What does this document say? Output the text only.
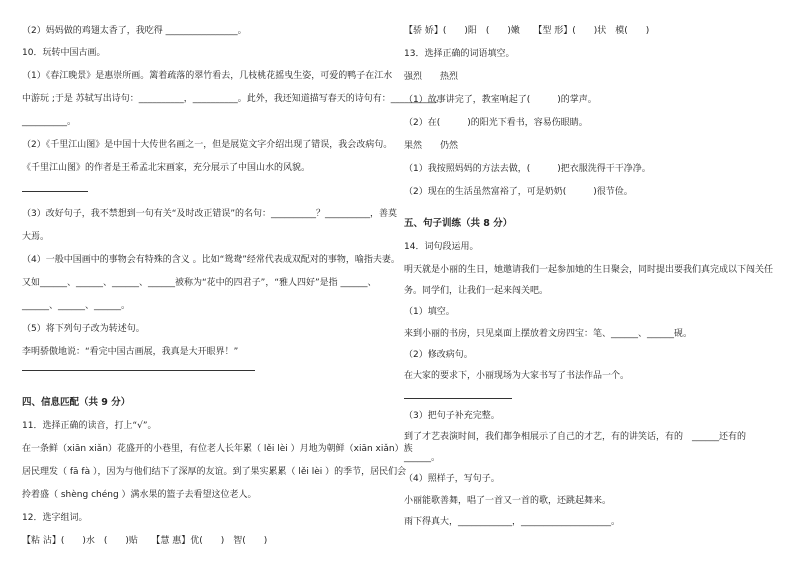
（2）妈妈做的鸡翅太香了，我吃得 ________________。
10．玩转中国古画。
（1）《春江晚景》是惠崇所画。篱着疏落的翠竹看去，几枝桃花摇曳生姿，可爱的鸭子在江水
中游玩 ;于是 苏轼写出诗句：__________，__________。此外，我还知道描写春天的诗句有：__________，
__________。
（2）《千里江山图》是中国十大传世名画之一，但是展览文字介绍出现了错误，我会改病句。
《千里江山图》的作者是王希孟北宋画家，充分展示了中国山水的风貌。
（3）改好句子，我不禁想到一句有关“及时改正错误”的名句：__________？__________，善莫
大焉。
（4）一般中国画中的事物会有特殊的含义 。比如“鸳鸯”经常代表成双配对的事物，喻指夫妻。
又如______、______、______、______被称为“花中的四君子”，“雅人四好”是指 ______、
______、______、______。
（5）将下列句子改为转述句。
李明骄傲地说：“看完中国古画展，我真是大开眼界！”
四、信息匹配（共 9 分）
11．选择正确的读音，打上“√”。
在一条鲜（xiān xiǎn）花盛开的小巷里，有位老人长年累（ lěi lèi ）月地为朝鲜（xiān xiǎn）族
居民理发（ fā fà ），因为与他们结下了深厚的友谊。到了果实累累（ lěi lèi ）的季节，居民们会
拎着盛（ shèng chéng ）满水果的篮子去看望这位老人。
12．选字组词。
【粘 沾】(　　)水　(　　)贴　　【慧 惠】优(　　)　智(　　)
【骄 娇】(　　)阳　(　　)嫩　　【型 形】(　　)状　模(　　)
13．选择正确的词语填空。
强烈　　热烈
（1）故事讲完了，教室响起了(　　　)的掌声。
（2）在(　　　)的阳光下看书，容易伤眼睛。
果然　　仍然
（1）我按照妈妈的方法去做，(　　　)把衣服洗得干干净净。
（2）现在的生活虽然富裕了，可是奶奶(　　　)很节俭。
五、句子训练（共 8 分）
14．词句段运用。
明天就是小丽的生日，她邀请我们一起参加她的生日聚会，同时提出要我们真完成以下闯关任
务。同学们，让我们一起来闯关吧。
（1）填空。
来到小丽的书房，只见桌面上摆放着文房四宝：笔、______、______砚。
（2）修改病句。
在大家的要求下，小丽现场为大家书写了书法作品一个。
（3）把句子补充完整。
到了才艺表演时间，我们都争相展示了自己的才艺，有的讲笑话，有的　______还有的
______。
（4）照样子，写句子。
小丽能歌善舞，唱了一首又一首的歌，还跳起舞来。
雨下得真大，____________，____________________。
